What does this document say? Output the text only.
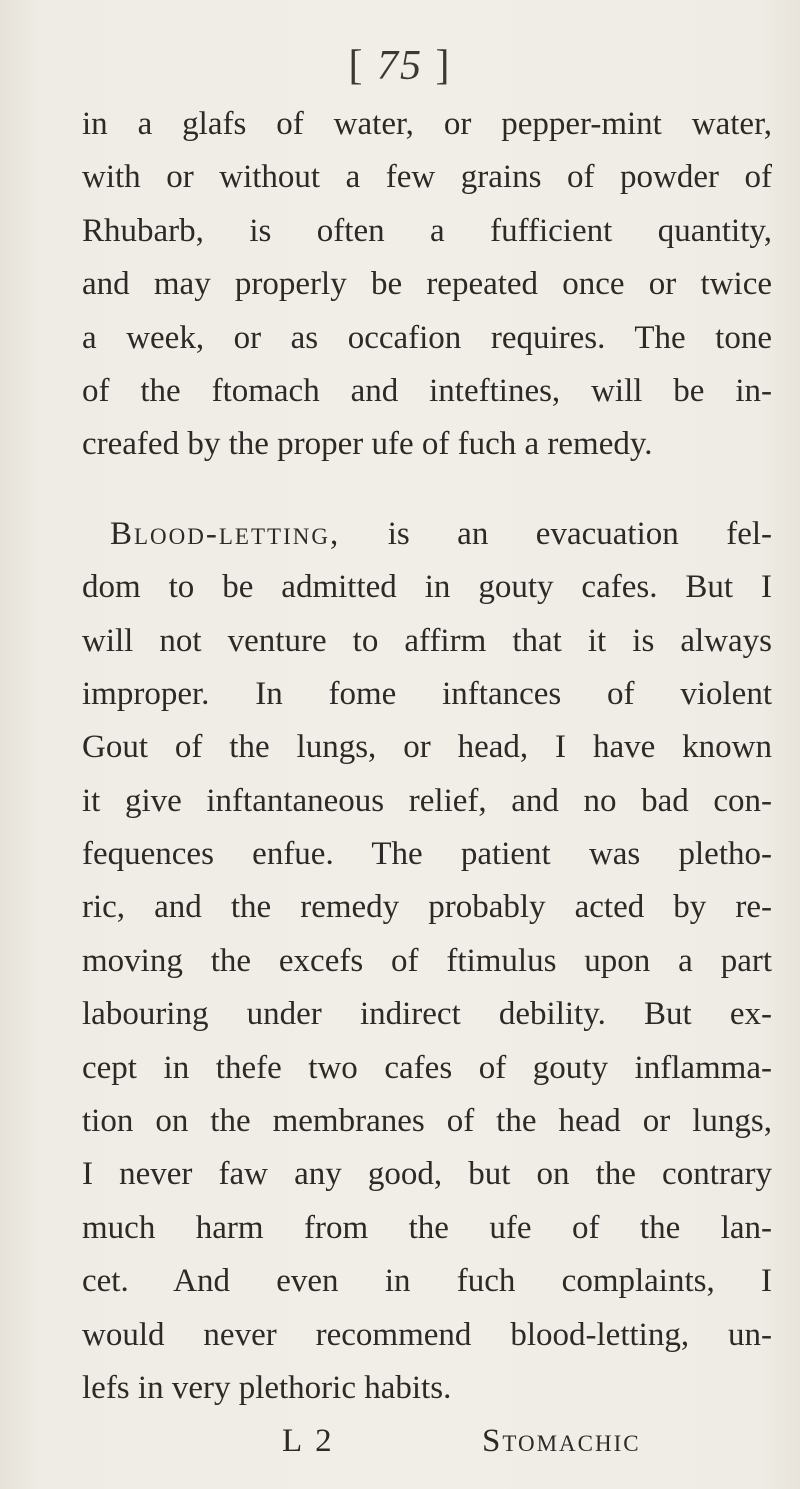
[ 75 ]
in a glafs of water, or pepper-mint water,
with or without a few grains of powder of
Rhubarb, is often a fufficient quantity,
and may properly be repeated once or twice
a week, or as occafion requires. The tone
of the ftomach and inteftines, will be in-
creafed by the proper ufe of fuch a remedy.
Blood-letting, is an evacuation fel-
dom to be admitted in gouty cafes. But I
will not venture to affirm that it is always
improper. In fome inftances of violent
Gout of the lungs, or head, I have known
it give inftantaneous relief, and no bad con-
fequences enfue. The patient was pletho-
ric, and the remedy probably acted by re-
moving the excefs of ftimulus upon a part
labouring under indirect debility. But ex-
cept in thefe two cafes of gouty inflamma-
tion on the membranes of the head or lungs,
I never faw any good, but on the contrary
much harm from the ufe of the lan-
cet. And even in fuch complaints, I
would never recommend blood-letting, un-
lefs in very plethoric habits.
L 2	Stomachic
